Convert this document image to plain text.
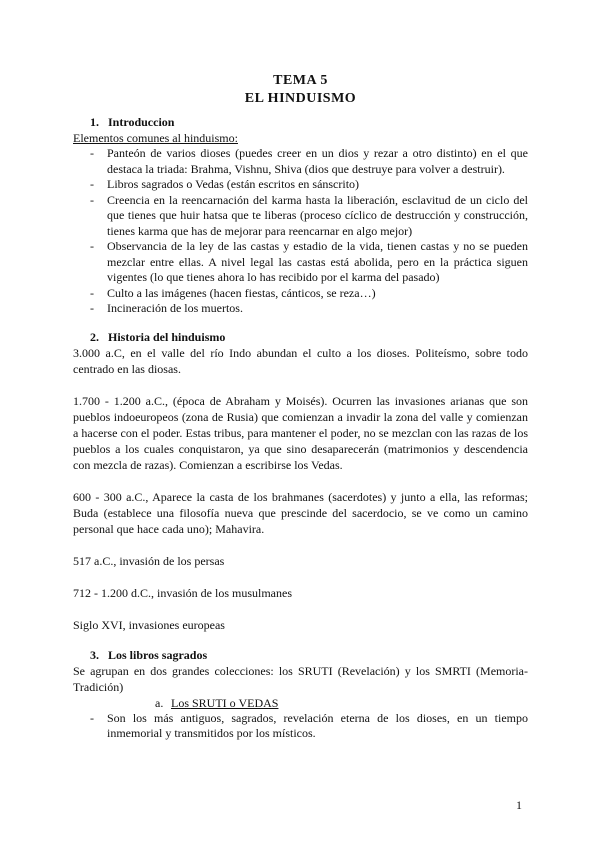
TEMA 5
EL HINDUISMO
1. Introduccion
Elementos comunes al hinduismo:
- Panteón de varios dioses (puedes creer en un dios y rezar a otro distinto) en el que destaca la triada: Brahma, Vishnu, Shiva (dios que destruye para volver a destruir).
- Libros sagrados o Vedas (están escritos en sánscrito)
- Creencia en la reencarnación del karma hasta la liberación, esclavitud de un ciclo del que tienes que huir hatsa que te liberas (proceso cíclico de destrucción y construcción, tienes karma que has de mejorar para reencarnar en algo mejor)
- Observancia de la ley de las castas y estadio de la vida, tienen castas y no se pueden mezclar entre ellas. A nivel legal las castas está abolida, pero en la práctica siguen vigentes (lo que tienes ahora lo has recibido por el karma del pasado)
- Culto a las imágenes (hacen fiestas, cánticos, se reza…)
- Incineración de los muertos.
2. Historia del hinduismo

3.000 a.C, en el valle del río Indo abundan el culto a los dioses. Politeísmo, sobre todo centrado en las diosas.

1.700 - 1.200 a.C., (época de Abraham y Moisés). Ocurren las invasiones arianas que son pueblos indoeuropeos (zona de Rusia) que comienzan a invadir la zona del valle y comienzan a hacerse con el poder. Estas tribus, para mantener el poder, no se mezclan con las razas de los pueblos a los cuales conquistaron, ya que sino desaparecerán (matrimonios y descendencia con mezcla de razas). Comienzan a escribirse los Vedas.

600 - 300 a.C., Aparece la casta de los brahmanes (sacerdotes) y junto a ella, las reformas; Buda (establece una filosofía nueva que prescinde del sacerdocio, se ve como un camino personal que hace cada uno); Mahavira.

517 a.C., invasión de los persas

712 - 1.200 d.C., invasión de los musulmanes

Siglo XVI, invasiones europeas

3. Los libros sagrados

Se agrupan en dos grandes colecciones: los SRUTI (Revelación) y los SMRTI (Memoria-Tradición)

a. Los SRUTI o VEDAS
- Son los más antiguos, sagrados, revelación eterna de los dioses, en un tiempo inmemorial y transmitidos por los místicos.
1
